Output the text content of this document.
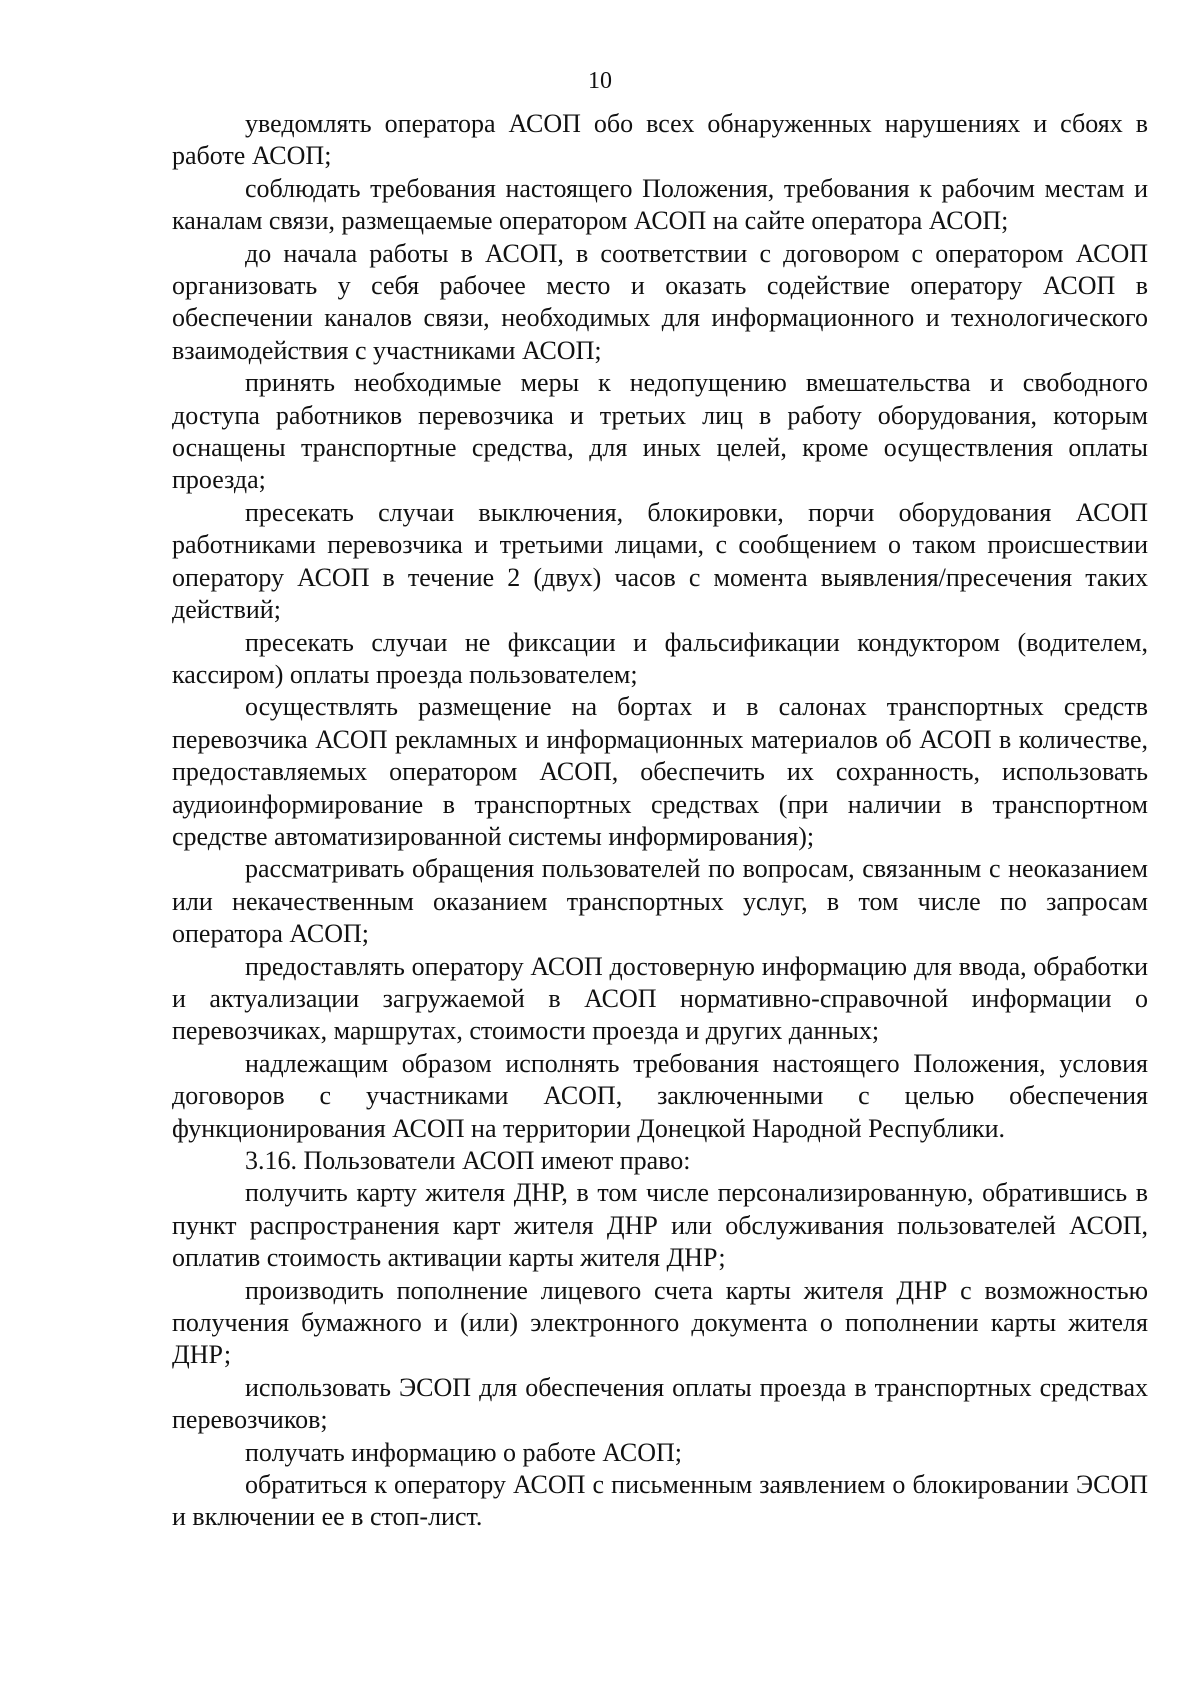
10

уведомлять оператора АСОП обо всех обнаруженных нарушениях и сбоях в работе АСОП;

соблюдать требования настоящего Положения, требования к рабочим местам и каналам связи, размещаемые оператором АСОП на сайте оператора АСОП;

до начала работы в АСОП, в соответствии с договором с оператором АСОП организовать у себя рабочее место и оказать содействие оператору АСОП в обеспечении каналов связи, необходимых для информационного и технологического взаимодействия с участниками АСОП;

принять необходимые меры к недопущению вмешательства и свободного доступа работников перевозчика и третьих лиц в работу оборудования, которым оснащены транспортные средства, для иных целей, кроме осуществления оплаты проезда;

пресекать случаи выключения, блокировки, порчи оборудования АСОП работниками перевозчика и третьими лицами, с сообщением о таком происшествии оператору АСОП в течение 2 (двух) часов с момента выявления/пресечения таких действий;

пресекать случаи не фиксации и фальсификации кондуктором (водителем, кассиром) оплаты проезда пользователем;

осуществлять размещение на бортах и в салонах транспортных средств перевозчика АСОП рекламных и информационных материалов об АСОП в количестве, предоставляемых оператором АСОП, обеспечить их сохранность, использовать аудиоинформирование в транспортных средствах (при наличии в транспортном средстве автоматизированной системы информирования);

рассматривать обращения пользователей по вопросам, связанным с неоказанием или некачественным оказанием транспортных услуг, в том числе по запросам оператора АСОП;

предоставлять оператору АСОП достоверную информацию для ввода, обработки и актуализации загружаемой в АСОП нормативно-справочной информации о перевозчиках, маршрутах, стоимости проезда и других данных;

надлежащим образом исполнять требования настоящего Положения, условия договоров с участниками АСОП, заключенными с целью обеспечения функционирования АСОП на территории Донецкой Народной Республики.

3.16. Пользователи АСОП имеют право:

получить карту жителя ДНР, в том числе персонализированную, обратившись в пункт распространения карт жителя ДНР или обслуживания пользователей АСОП, оплатив стоимость активации карты жителя ДНР;

производить пополнение лицевого счета карты жителя ДНР с возможностью получения бумажного и (или) электронного документа о пополнении карты жителя ДНР;

использовать ЭСОП для обеспечения оплаты проезда в транспортных средствах перевозчиков;

получать информацию о работе АСОП;

обратиться к оператору АСОП с письменным заявлением о блокировании ЭСОП и включении ее в стоп-лист.
